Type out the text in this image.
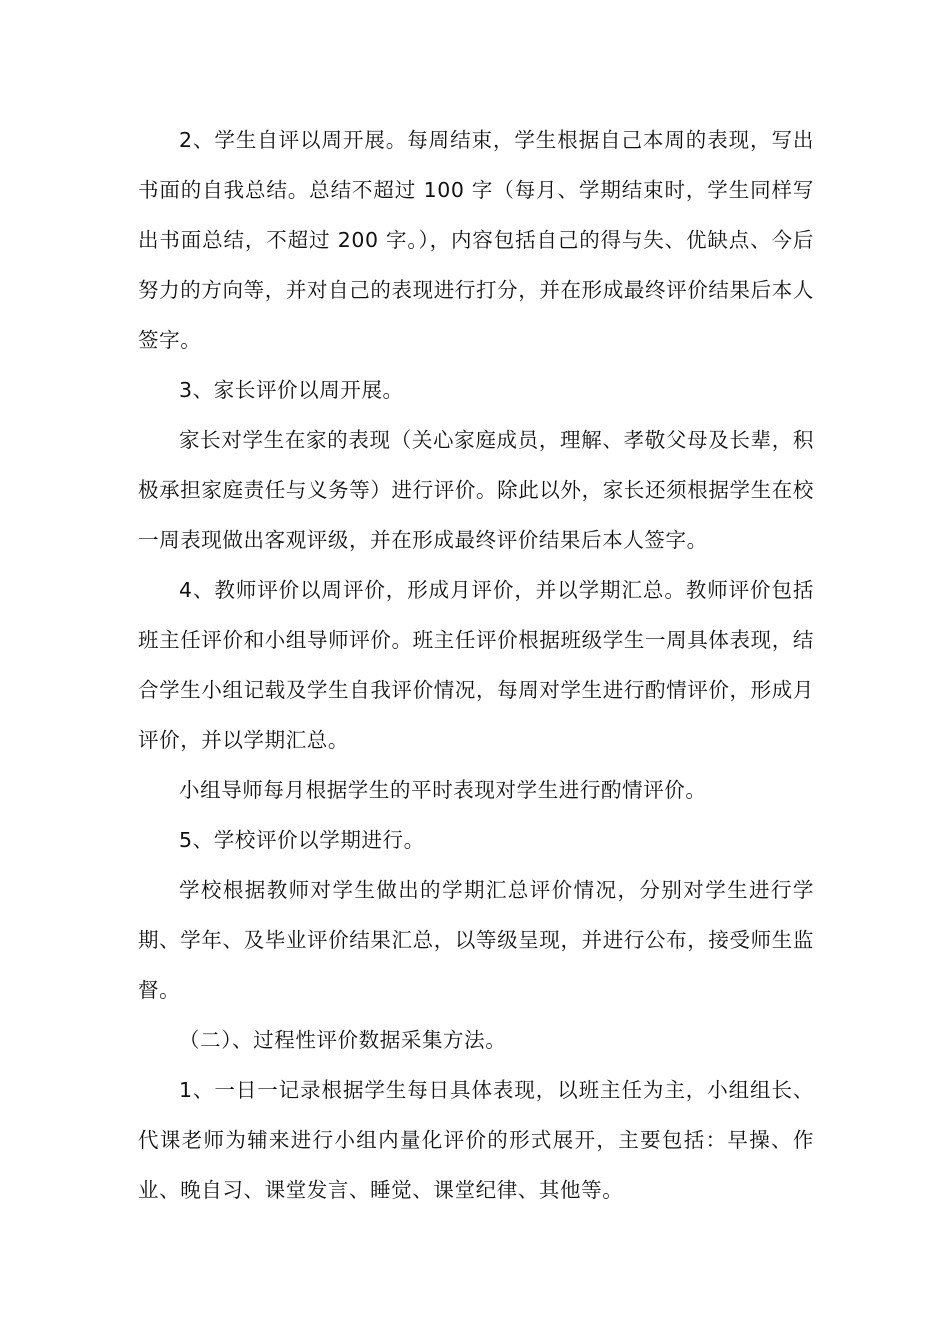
2、学生自评以周开展。每周结束，学生根据自己本周的表现，写出书面的自我总结。总结不超过 100 字（每月、学期结束时，学生同样写出书面总结，不超过 200 字。），内容包括自己的得与失、优缺点、今后努力的方向等，并对自己的表现进行打分，并在形成最终评价结果后本人签字。

3、家长评价以周开展。

家长对学生在家的表现（关心家庭成员，理解、孝敬父母及长辈，积极承担家庭责任与义务等）进行评价。除此以外，家长还须根据学生在校一周表现做出客观评级，并在形成最终评价结果后本人签字。

4、教师评价以周评价，形成月评价，并以学期汇总。教师评价包括班主任评价和小组导师评价。班主任评价根据班级学生一周具体表现，结合学生小组记载及学生自我评价情况，每周对学生进行酌情评价，形成月评价，并以学期汇总。

小组导师每月根据学生的平时表现对学生进行酌情评价。

5、学校评价以学期进行。

学校根据教师对学生做出的学期汇总评价情况，分别对学生进行学期、学年、及毕业评价结果汇总，以等级呈现，并进行公布，接受师生监督。

（二）、过程性评价数据采集方法。

1、一日一记录根据学生每日具体表现，以班主任为主，小组组长、代课老师为辅来进行小组内量化评价的形式展开，主要包括：早操、作业、晚自习、课堂发言、睡觉、课堂纪律、其他等。
